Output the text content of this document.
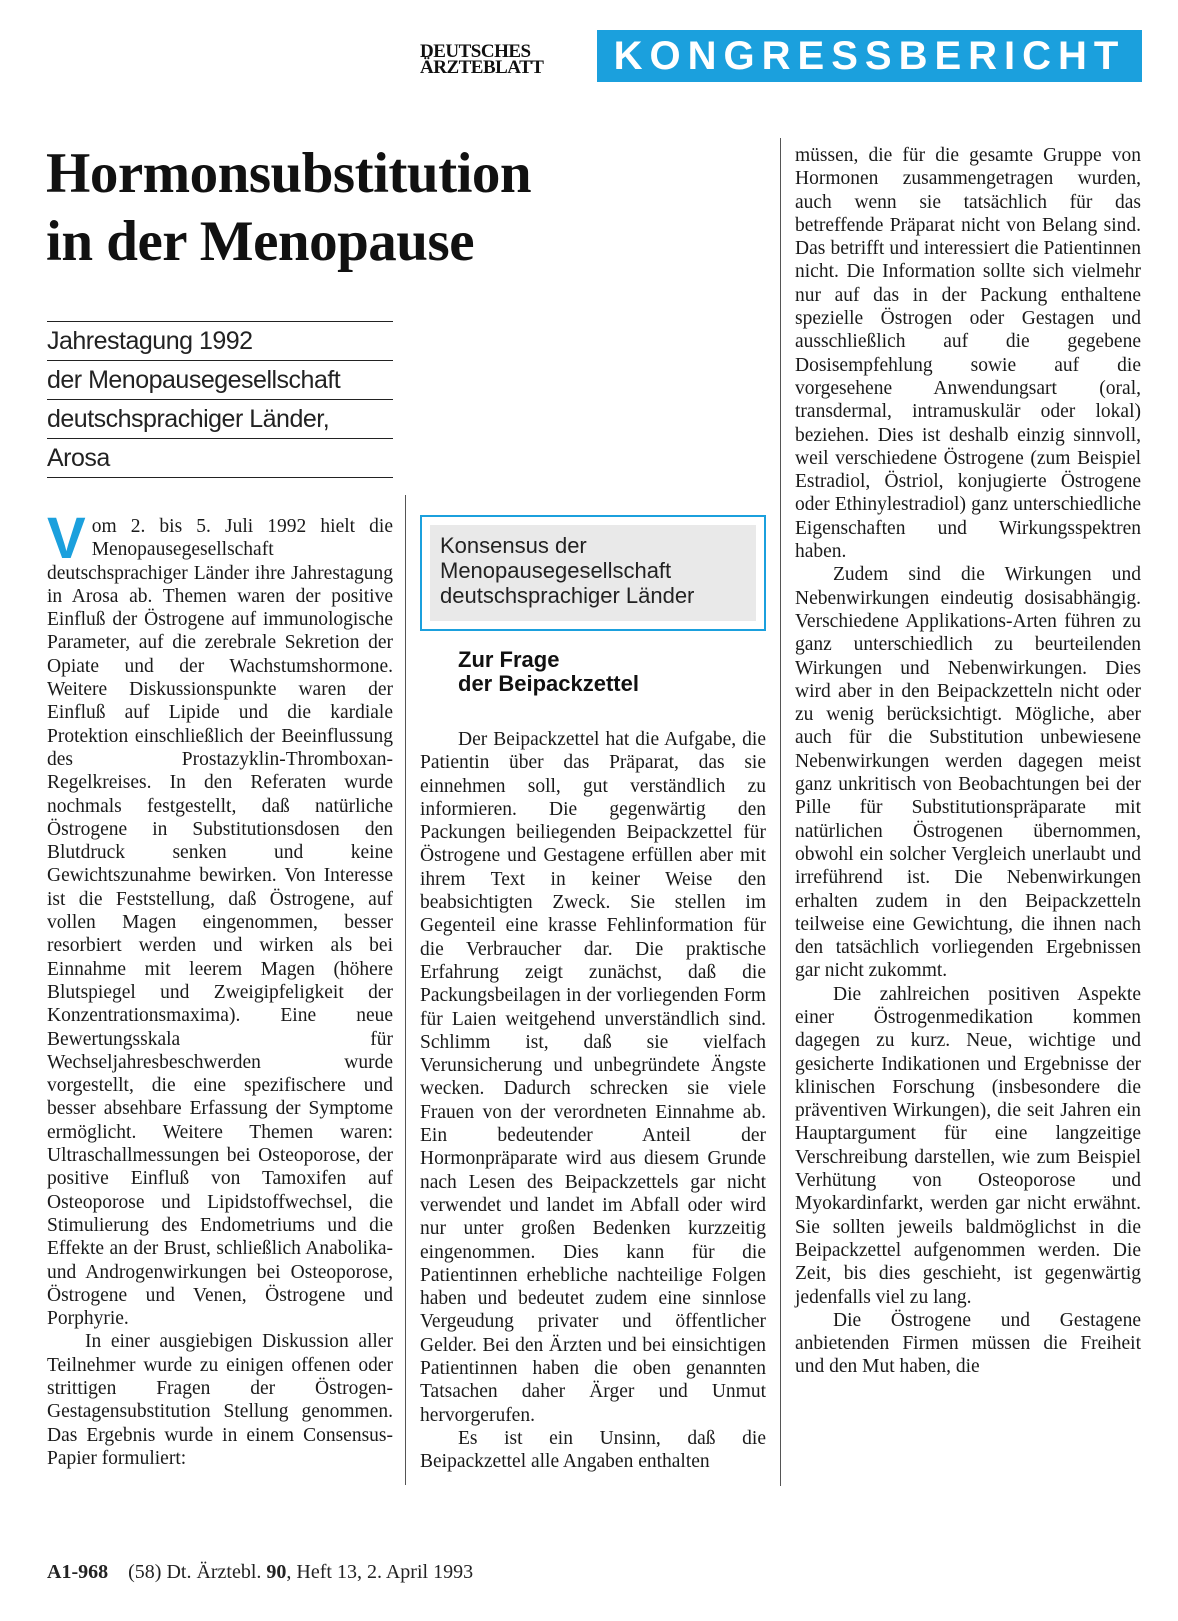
DEUTSCHES
ÄRZTEBLATT	KONGRESSBERICHT
Hormonsubstitution
in der Menopause
Jahrestagung 1992
der Menopausegesellschaft
deutschsprachiger Länder,
Arosa

Vom 2. bis 5. Juli 1992 hielt die Menopausegesellschaft deutschsprachiger Länder ihre Jahrestagung in Arosa ab. Themen waren der positive Einfluß der Östrogene auf immunologische Parameter, auf die zerebrale Sekretion der Opiate und der Wachstumshormone. Weitere Diskussionspunkte waren der Einfluß auf Lipide und die kardiale Protektion einschließlich der Beeinflussung des Prostazyklin-Thromboxan-Regelkreises. In den Referaten wurde nochmals festgestellt, daß natürliche Östrogene in Substitutionsdosen den Blutdruck senken und keine Gewichtszunahme bewirken. Von Interesse ist die Feststellung, daß Östrogene, auf vollen Magen eingenommen, besser resorbiert werden und wirken als bei Einnahme mit leerem Magen (höhere Blutspiegel und Zweigipfeligkeit der Konzentrationsmaxima). Eine neue Bewertungsskala für Wechseljahresbeschwerden wurde vorgestellt, die eine spezifischere und besser absehbare Erfassung der Symptome ermöglicht. Weitere Themen waren: Ultraschallmessungen bei Osteoporose, der positive Einfluß von Tamoxifen auf Osteoporose und Lipidstoffwechsel, die Stimulierung des Endometriums und die Effekte an der Brust, schließlich Anabolika- und Androgenwirkungen bei Osteoporose, Östrogene und Venen, Östrogene und Porphyrie.

In einer ausgiebigen Diskussion aller Teilnehmer wurde zu einigen offenen oder strittigen Fragen der Östrogen-Gestagensubstitution Stellung genommen. Das Ergebnis wurde in einem Consensus-Papier formuliert:

Konsensus der
Menopausegesellschaft
deutschsprachiger Länder
Zur Frage
der Beipackzettel

Der Beipackzettel hat die Aufgabe, die Patientin über das Präparat, das sie einnehmen soll, gut verständlich zu informieren. Die gegenwärtig den Packungen beiliegenden Beipackzettel für Östrogene und Gestagene erfüllen aber mit ihrem Text in keiner Weise den beabsichtigten Zweck. Sie stellen im Gegenteil eine krasse Fehlinformation für die Verbraucher dar. Die praktische Erfahrung zeigt zunächst, daß die Packungsbeilagen in der vorliegenden Form für Laien weitgehend unverständlich sind. Schlimm ist, daß sie vielfach Verunsicherung und unbegründete Ängste wecken. Dadurch schrecken sie viele Frauen von der verordneten Einnahme ab. Ein bedeutender Anteil der Hormonpräparate wird aus diesem Grunde nach Lesen des Beipackzettels gar nicht verwendet und landet im Abfall oder wird nur unter großen Bedenken kurzzeitig eingenommen. Dies kann für die Patientinnen erhebliche nachteilige Folgen haben und bedeutet zudem eine sinnlose Vergeudung privater und öffentlicher Gelder. Bei den Ärzten und bei einsichtigen Patientinnen haben die oben genannten Tatsachen daher Ärger und Unmut hervorgerufen.

Es ist ein Unsinn, daß die Beipackzettel alle Angaben enthalten

müssen, die für die gesamte Gruppe von Hormonen zusammengetragen wurden, auch wenn sie tatsächlich für das betreffende Präparat nicht von Belang sind. Das betrifft und interessiert die Patientinnen nicht. Die Information sollte sich vielmehr nur auf das in der Packung enthaltene spezielle Östrogen oder Gestagen und ausschließlich auf die gegebene Dosisempfehlung sowie auf die vorgesehene Anwendungsart (oral, transdermal, intramuskulär oder lokal) beziehen. Dies ist deshalb einzig sinnvoll, weil verschiedene Östrogene (zum Beispiel Estradiol, Östriol, konjugierte Östrogene oder Ethinylestradiol) ganz unterschiedliche Eigenschaften und Wirkungsspektren haben.

Zudem sind die Wirkungen und Nebenwirkungen eindeutig dosisabhängig. Verschiedene Applikations-Arten führen zu ganz unterschiedlich zu beurteilenden Wirkungen und Nebenwirkungen. Dies wird aber in den Beipackzetteln nicht oder zu wenig berücksichtigt. Mögliche, aber auch für die Substitution unbewiesene Nebenwirkungen werden dagegen meist ganz unkritisch von Beobachtungen bei der Pille für Substitutionspräparate mit natürlichen Östrogenen übernommen, obwohl ein solcher Vergleich unerlaubt und irreführend ist. Die Nebenwirkungen erhalten zudem in den Beipackzetteln teilweise eine Gewichtung, die ihnen nach den tatsächlich vorliegenden Ergebnissen gar nicht zukommt.

Die zahlreichen positiven Aspekte einer Östrogenmedikation kommen dagegen zu kurz. Neue, wichtige und gesicherte Indikationen und Ergebnisse der klinischen Forschung (insbesondere die präventiven Wirkungen), die seit Jahren ein Hauptargument für eine langzeitige Verschreibung darstellen, wie zum Beispiel Verhütung von Osteoporose und Myokardinfarkt, werden gar nicht erwähnt. Sie sollten jeweils baldmöglichst in die Beipackzettel aufgenommen werden. Die Zeit, bis dies geschieht, ist gegenwärtig jedenfalls viel zu lang.

Die Östrogene und Gestagene anbietenden Firmen müssen die Freiheit und den Mut haben, die

A1-968 (58) Dt. Ärztebl. 90, Heft 13, 2. April 1993
